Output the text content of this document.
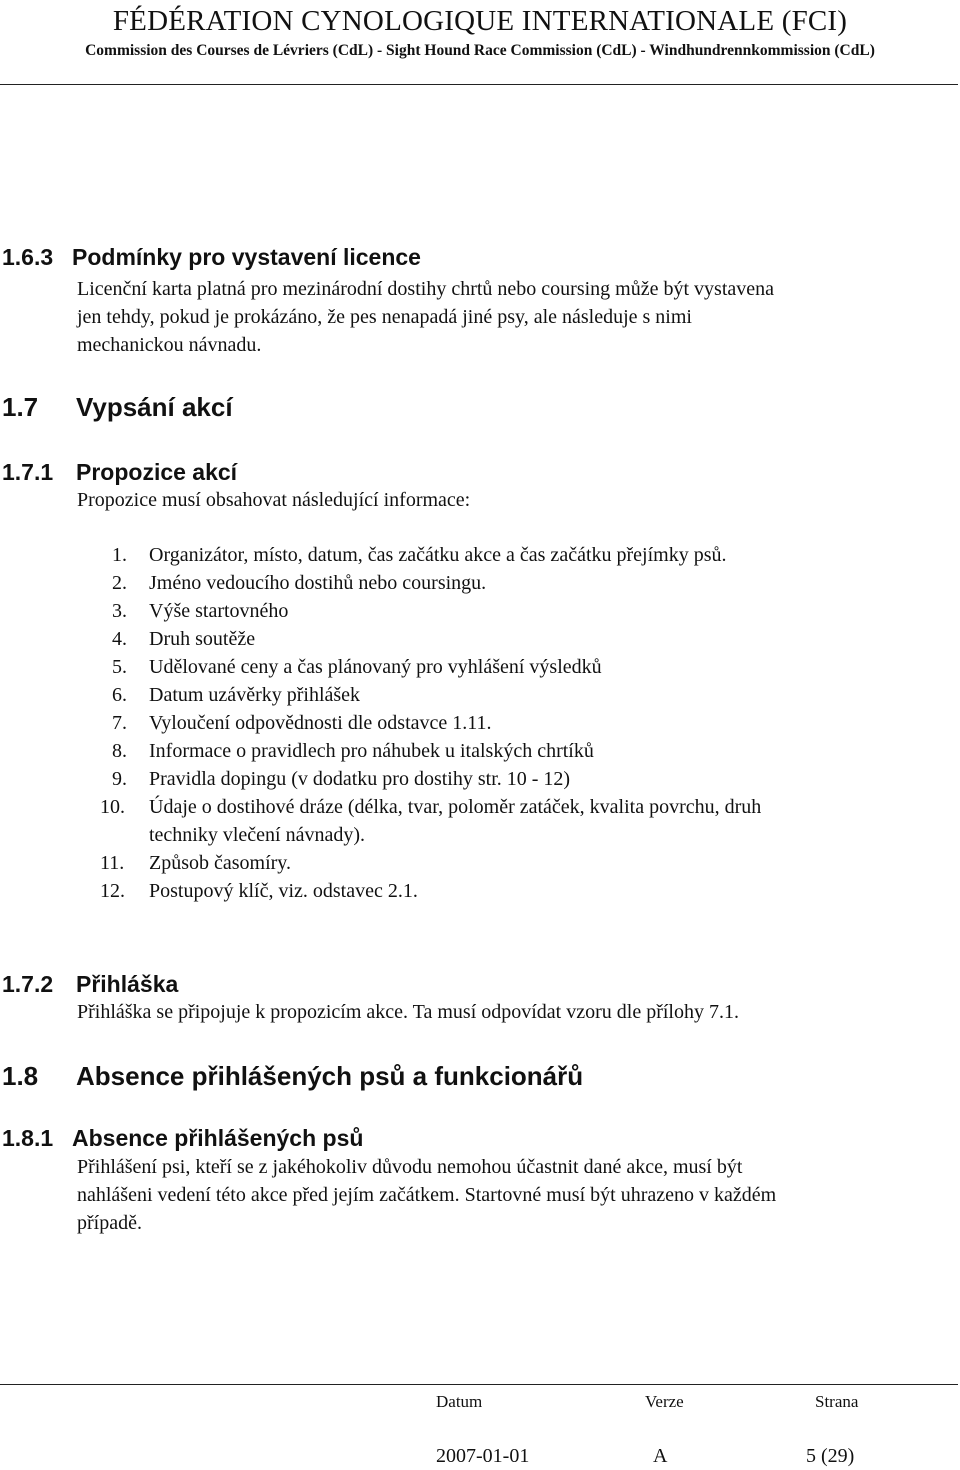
FÉDÉRATION CYNOLOGIQUE INTERNATIONALE (FCI)
Commission des Courses de Lévriers (CdL) - Sight Hound Race Commission (CdL) - Windhundrennkommission (CdL)
1.6.3 Podmínky pro vystavení licence

Licenční karta platná pro mezinárodní dostihy chrtů nebo coursing může být vystavena

jen tehdy, pokud je prokázáno, že pes nenapadá jiné psy, ale následuje s nimi

mechanickou návnadu.

1.7 Vypsání akcí
1.7.1 Propozice akcí
Propozice musí obsahovat následující informace:
1. Organizátor, místo, datum, čas začátku akce a čas začátku přejímky psů.
2. Jméno vedoucího dostihů nebo coursingu.
3. Výše startovného
4. Druh soutěže
5. Udělované ceny a čas plánovaný pro vyhlášení výsledků
6. Datum uzávěrky přihlášek
7. Vyloučení odpovědnosti dle odstavce 1.11.
8. Informace o pravidlech pro náhubek u italských chrtíků
9. Pravidla dopingu (v dodatku pro dostihy str. 10 - 12)
10. Údaje o dostihové dráze (délka, tvar, poloměr zatáček, kvalita povrchu, druh
techniky vlečení návnady).
11. Způsob časomíry.
12. Postupový klíč, viz. odstavec 2.1.
1.7.2 Přihláška
Přihláška se připojuje k propozicím akce. Ta musí odpovídat vzoru dle přílohy 7.1.
1.8 Absence přihlášených psů a funkcionářů
1.8.1 Absence přihlášených psů

Přihlášení psi, kteří se z jakéhokoliv důvodu nemohou účastnit dané akce, musí být

nahlášeni vedení této akce před jejím začátkem. Startovné musí být uhrazeno v každém

případě.

Datum	Verze	Strana
2007-01-01	A	5 (29)
